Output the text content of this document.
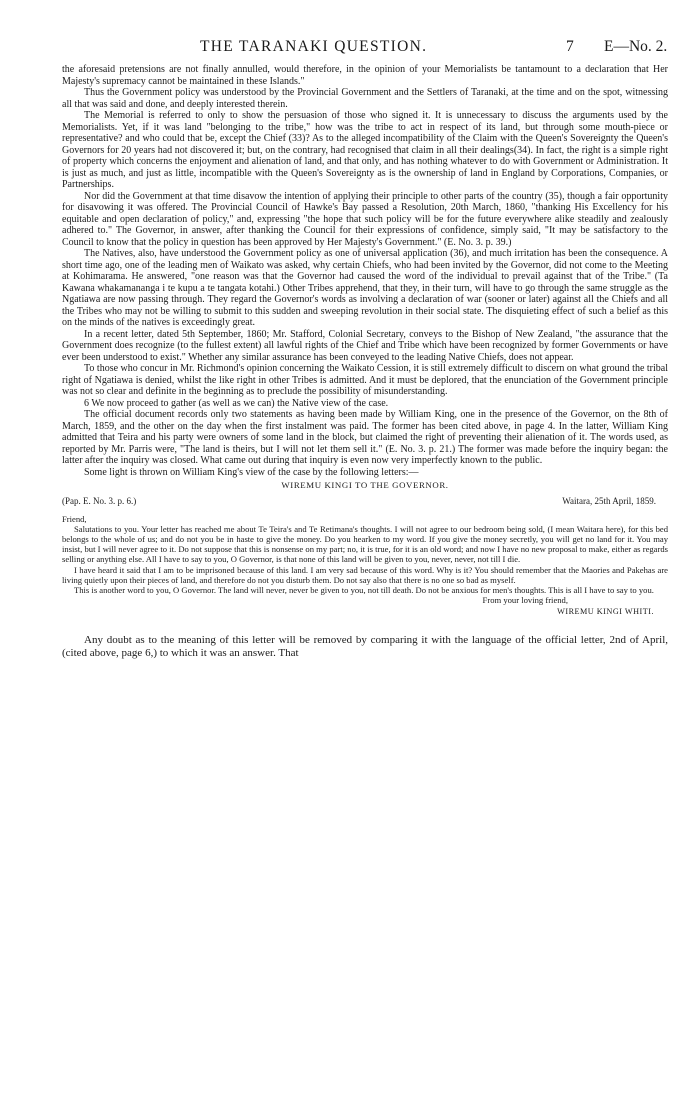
THE TARANAKI QUESTION.	7 E—No. 2.

the aforesaid pretensions are not finally annulled, would therefore, in the opinion of your Memorialists be tantamount to a declaration that Her Majesty's supremacy cannot be maintained in these Islands."

Thus the Government policy was understood by the Provincial Government and the Settlers of Taranaki, at the time and on the spot, witnessing all that was said and done, and deeply interested therein.

The Memorial is referred to only to show the persuasion of those who signed it. It is unnecessary to discuss the arguments used by the Memorialists. Yet, if it was land "belonging to the tribe," how was the tribe to act in respect of its land, but through some mouth-piece or representative? and who could that be, except the Chief (33)? As to the alleged incompatibility of the Claim with the Queen's Sovereignty the Queen's Governors for 20 years had not discovered it; but, on the contrary, had recognised that claim in all their dealings(34). In fact, the right is a simple right of property which concerns the enjoyment and alienation of land, and that only, and has nothing whatever to do with Government or Administration. It is just as much, and just as little, incompatible with the Queen's Sovereignty as is the ownership of land in England by Corporations, Companies, or Partnerships.

Nor did the Government at that time disavow the intention of applying their principle to other parts of the country (35), though a fair opportunity for disavowing it was offered. The Provincial Council of Hawke's Bay passed a Resolution, 20th March, 1860, "thanking His Excellency for his equitable and open declaration of policy," and, expressing "the hope that such policy will be for the future everywhere alike steadily and zealously adhered to." The Governor, in answer, after thanking the Council for their expressions of confidence, simply said, "It may be satisfactory to the Council to know that the policy in question has been approved by Her Majesty's Government." (E. No. 3. p. 39.)

The Natives, also, have understood the Government policy as one of universal application (36), and much irritation has been the consequence. A short time ago, one of the leading men of Waikato was asked, why certain Chiefs, who had been invited by the Governor, did not come to the Meeting at Kohimarama. He answered, "one reason was that the Governor had caused the word of the individual to prevail against that of the Tribe." (Ta Kawana whakamananga i te kupu a te tangata kotahi.) Other Tribes apprehend, that they, in their turn, will have to go through the same struggle as the Ngatiawa are now passing through. They regard the Governor's words as involving a declaration of war (sooner or later) against all the Chiefs and all the Tribes who may not be willing to submit to this sudden and sweeping revolution in their social state. The disquieting effect of such a belief as this on the minds of the natives is exceedingly great.

In a recent letter, dated 5th September, 1860; Mr. Stafford, Colonial Secretary, conveys to the Bishop of New Zealand, "the assurance that the Government does recognize (to the fullest extent) all lawful rights of the Chief and Tribe which have been recognized by former Governments or have ever been understood to exist." Whether any similar assurance has been conveyed to the leading Native Chiefs, does not appear.

To those who concur in Mr. Richmond's opinion concerning the Waikato Cession, it is still extremely difficult to discern on what ground the tribal right of Ngatiawa is denied, whilst the like right in other Tribes is admitted. And it must be deplored, that the enunciation of the Government principle was not so clear and definite in the beginning as to preclude the possibility of misunderstanding.

6 We now proceed to gather (as well as we can) the Native view of the case.

The official document records only two statements as having been made by William King, one in the presence of the Governor, on the 8th of March, 1859, and the other on the day when the first instalment was paid. The former has been cited above, in page 4. In the latter, William King admitted that Teira and his party were owners of some land in the block, but claimed the right of preventing their alienation of it. The words used, as reported by Mr. Parris were, "The land is theirs, but I will not let them sell it." (E. No. 3. p. 21.) The former was made before the inquiry began: the latter after the inquiry was closed. What came out during that inquiry is even now very imperfectly known to the public.

Some light is thrown on William King's view of the case by the following letters:—

WIREMU KINGI TO THE GOVERNOR.
(Pap. E. No. 3. p. 6.)	Waitara, 25th April, 1859.

Friend,

Salutations to you. Your letter has reached me about Te Teira's and Te Retimana's thoughts. I will not agree to our bedroom being sold, (I mean Waitara here), for this bed belongs to the whole of us; and do not you be in haste to give the money. Do you hearken to my word. If you give the money secretly, you will get no land for it. You may insist, but I will never agree to it. Do not suppose that this is nonsense on my part; no, it is true, for it is an old word; and now I have no new proposal to make, either as regards selling or anything else. All I have to say to you, O Governor, is that none of this land will be given to you, never, never, not till I die.

I have heard it said that I am to be imprisoned because of this land. I am very sad because of this word. Why is it? You should remember that the Maories and Pakehas are living quietly upon their pieces of land, and therefore do not you disturb them. Do not say also that there is no one so bad as myself.

This is another word to you, O Governor. The land will never, never be given to you, not till death. Do not be anxious for men's thoughts. This is all I have to say to you.

From your loving friend,

WIREMU KINGI WHITI.

Any doubt as to the meaning of this letter will be removed by comparing it with the language of the official letter, 2nd of April, (cited above, page 6,) to which it was an answer. That
